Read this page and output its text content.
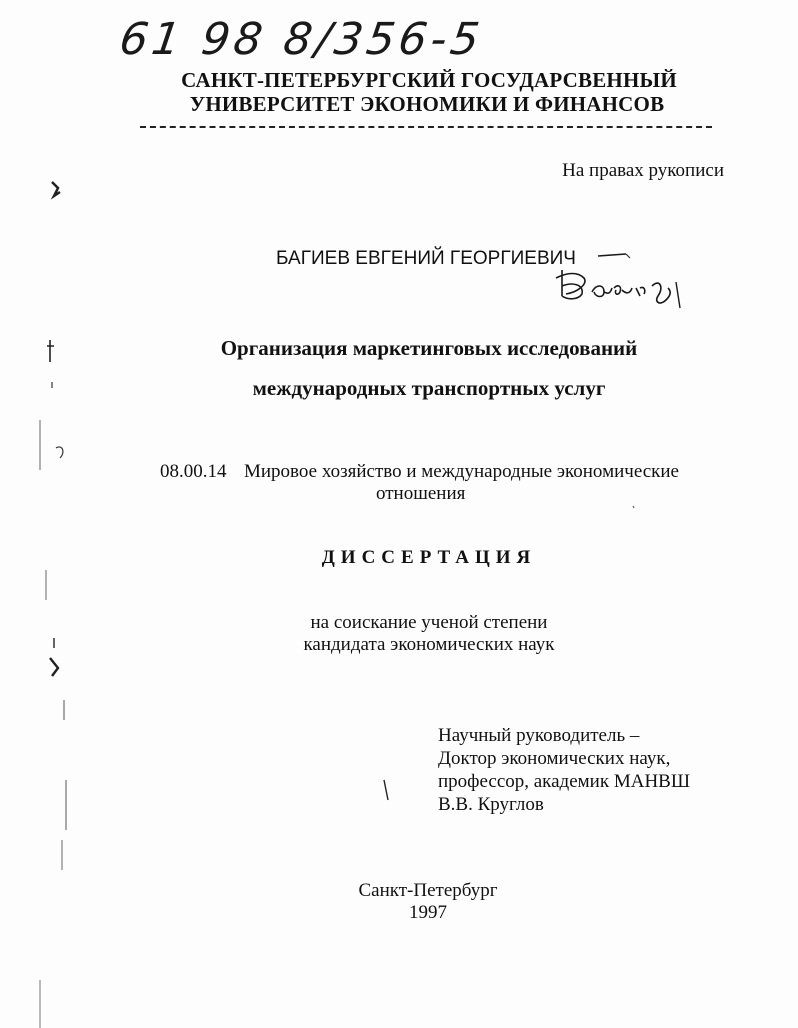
61 98 8/356-5
САНКТ-ПЕТЕРБУРГСКИЙ ГОСУДАРСВЕННЫЙ
УНИВЕРСИТЕТ ЭКОНОМИКИ И ФИНАНСОВ
На правах рукописи
БАГИЕВ ЕВГЕНИЙ ГЕОРГИЕВИЧ
Организация маркетинговых исследований
международных транспортных услуг
08.00.14 Мировое хозяйство и международные экономические
отношения
ДИССЕРТАЦИЯ
на соискание ученой степени
кандидата экономических наук
Научный руководитель –
Доктор экономических наук,
профессор, академик МАНВШ
В.В. Круглов
Санкт-Петербург
1997
